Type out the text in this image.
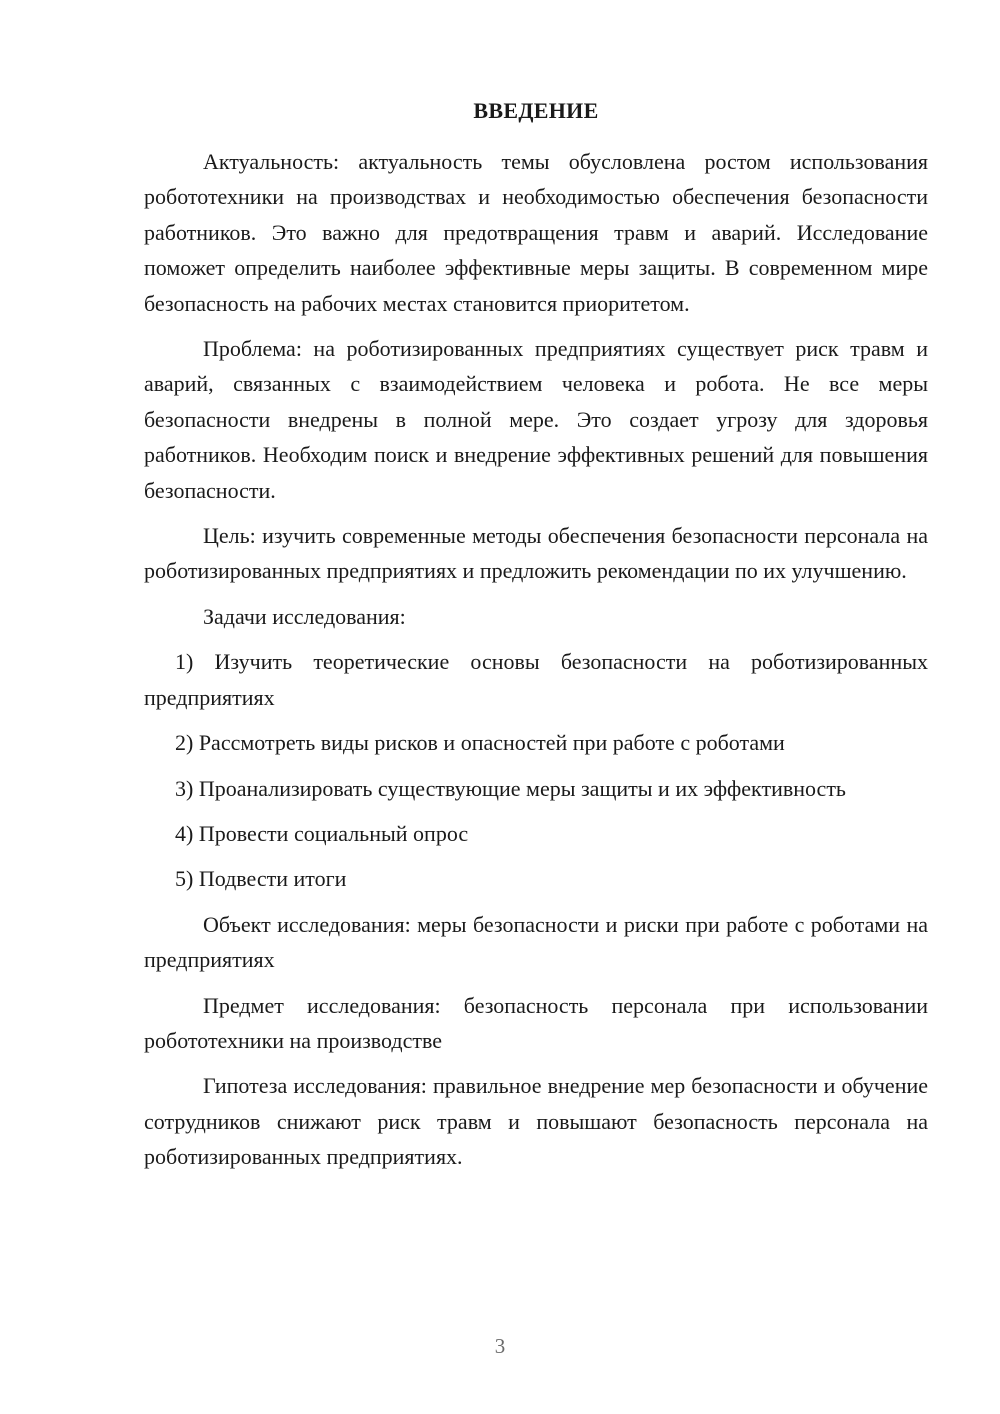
ВВЕДЕНИЕ

Актуальность: актуальность темы обусловлена ростом использования робототехники на производствах и необходимостью обеспечения безопасности работников. Это важно для предотвращения травм и аварий. Исследование поможет определить наиболее эффективные меры защиты. В современном мире безопасность на рабочих местах становится приоритетом.

Проблема: на роботизированных предприятиях существует риск травм и аварий, связанных с взаимодействием человека и робота. Не все меры безопасности внедрены в полной мере. Это создает угрозу для здоровья работников. Необходим поиск и внедрение эффективных решений для повышения безопасности.

Цель: изучить современные методы обеспечения безопасности персонала на роботизированных предприятиях и предложить рекомендации по их улучшению.

Задачи исследования:

1) Изучить теоретические основы безопасности на роботизированных предприятиях

2) Рассмотреть виды рисков и опасностей при работе с роботами

3) Проанализировать существующие меры защиты и их эффективность

4) Провести социальный опрос

5) Подвести итоги

Объект исследования: меры безопасности и риски при работе с роботами на предприятиях

Предмет исследования: безопасность персонала при использовании робототехники на производстве

Гипотеза исследования: правильное внедрение мер безопасности и обучение сотрудников снижают риск травм и повышают безопасность персонала на роботизированных предприятиях.

3
